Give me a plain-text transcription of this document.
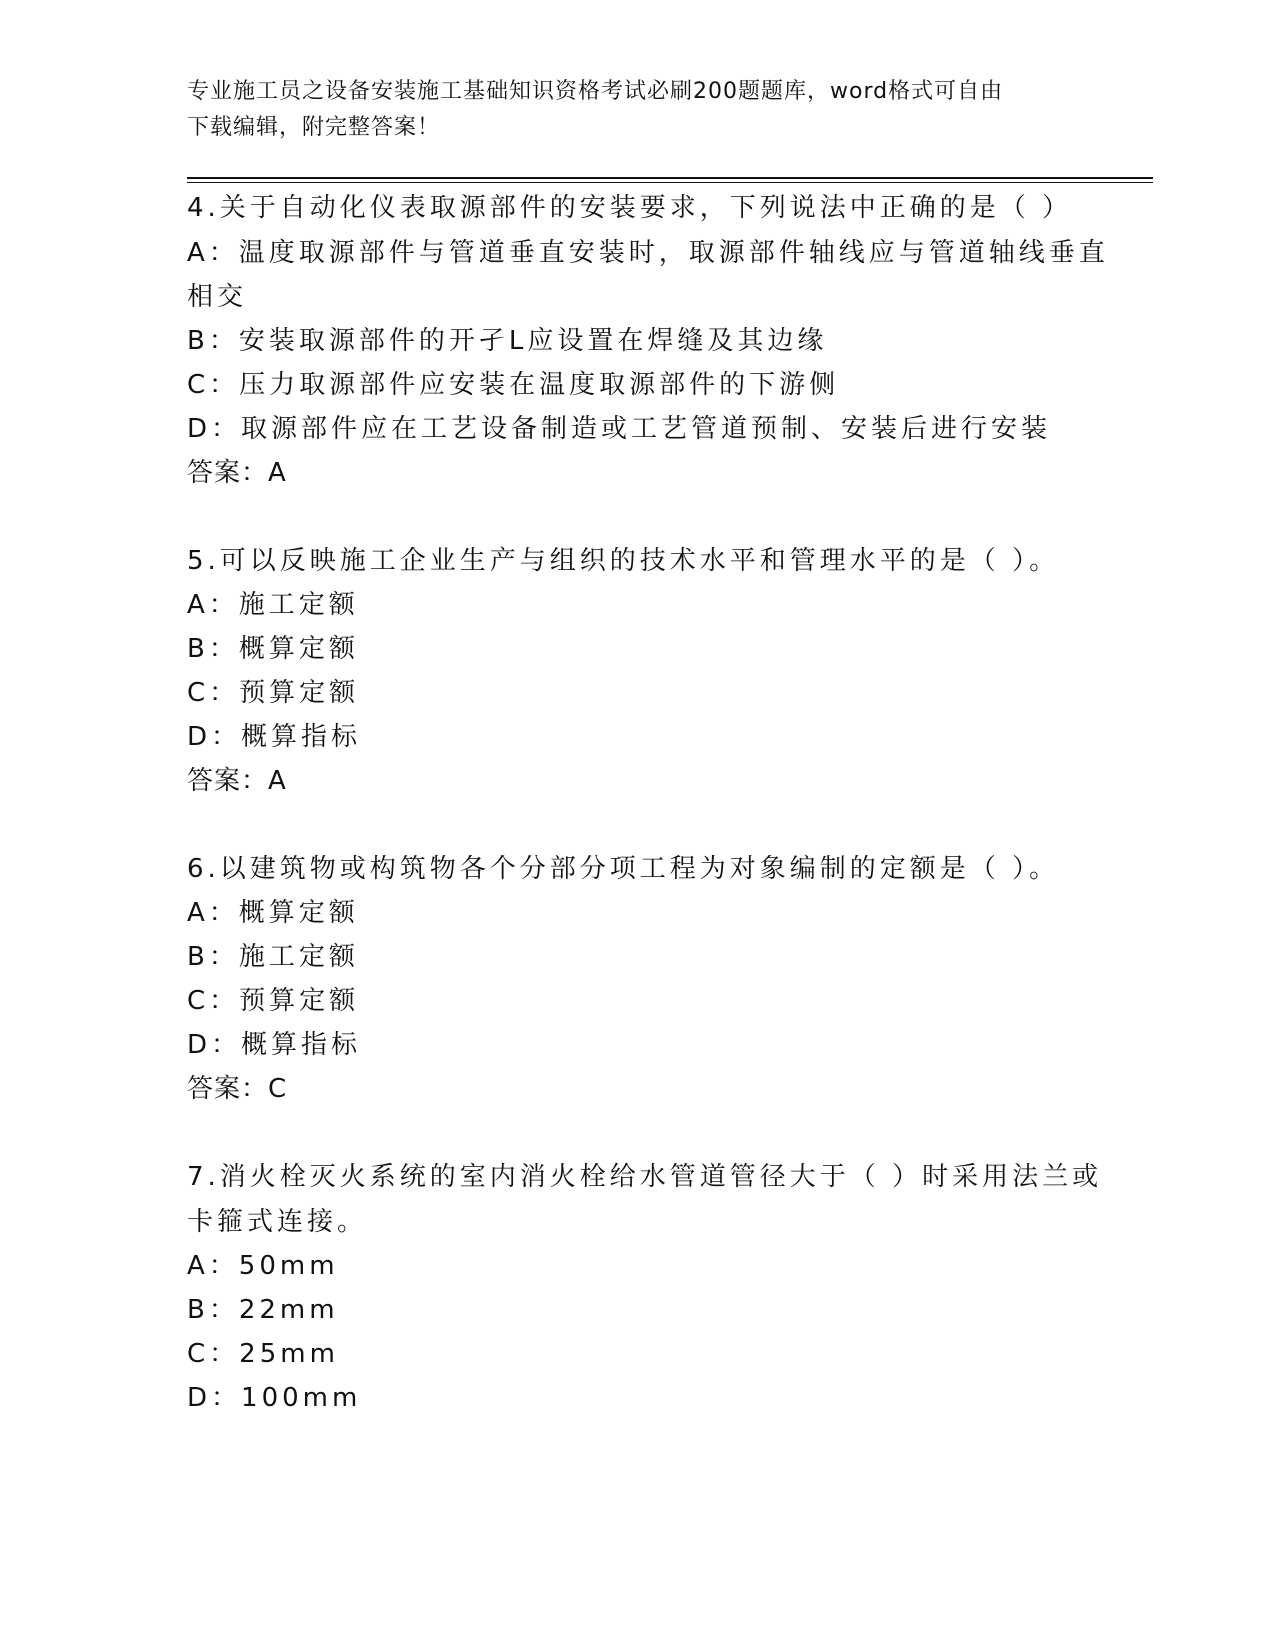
专业施工员之设备安装施工基础知识资格考试必刷200题题库，word格式可自由
下载编辑，附完整答案！
4.关于自动化仪表取源部件的安装要求，下列说法中正确的是（ ）
A：温度取源部件与管道垂直安装时，取源部件轴线应与管道轴线垂直
相交
B：安装取源部件的开孑L应设置在焊缝及其边缘
C：压力取源部件应安装在温度取源部件的下游侧
D：取源部件应在工艺设备制造或工艺管道预制、安装后进行安装
答案：A
5.可以反映施工企业生产与组织的技术水平和管理水平的是（ ）。
A：施工定额
B：概算定额
C：预算定额
D：概算指标
答案：A
6.以建筑物或构筑物各个分部分项工程为对象编制的定额是（ ）。
A：概算定额
B：施工定额
C：预算定额
D：概算指标
答案：C
7.消火栓灭火系统的室内消火栓给水管道管径大于（ ）时采用法兰或
卡箍式连接。
A：50mm
B：22mm
C：25mm
D：100mm
